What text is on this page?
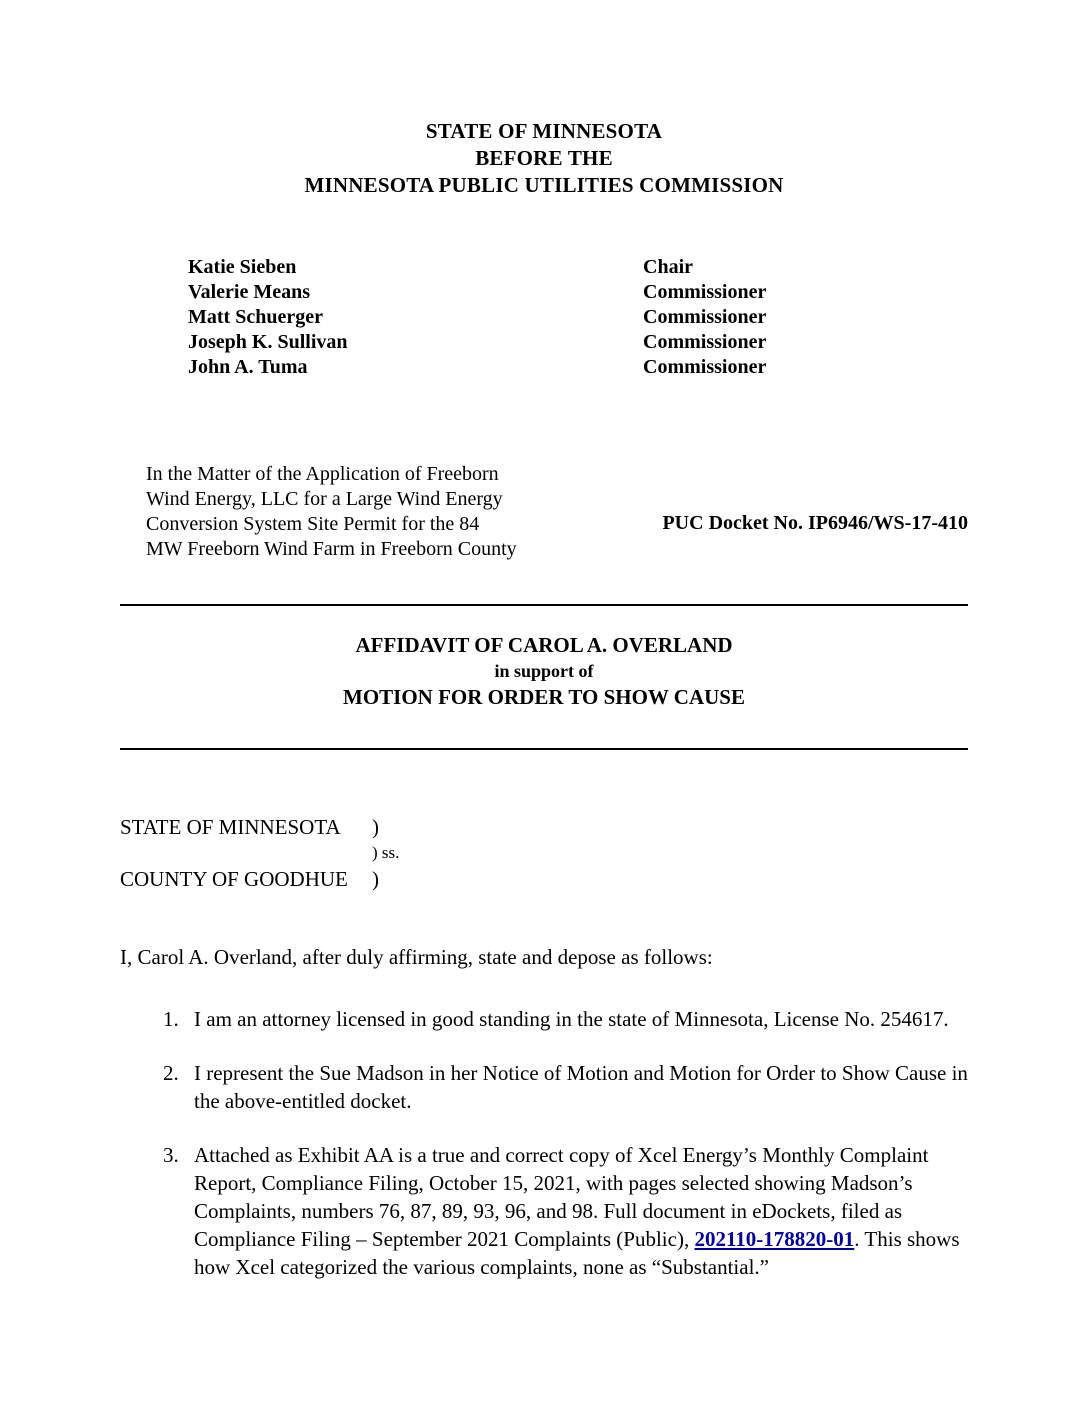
STATE OF MINNESOTA
BEFORE THE
MINNESOTA PUBLIC UTILITIES COMMISSION
Katie Sieben	Chair
Valerie Means	Commissioner
Matt Schuerger	Commissioner
Joseph K. Sullivan	Commissioner
John A. Tuma	Commissioner
In the Matter of the Application of Freeborn
Wind Energy, LLC for a Large Wind Energy
Conversion System Site Permit for the 84
MW Freeborn Wind Farm in Freeborn County
PUC Docket No. IP6946/WS-17-410
AFFIDAVIT OF CAROL A. OVERLAND
in support of
MOTION FOR ORDER TO SHOW CAUSE
STATE OF MINNESOTA	)
) ss.
COUNTY OF GOODHUE	)
I, Carol A. Overland, after duly affirming, state and depose as follows:
1. I am an attorney licensed in good standing in the state of Minnesota, License No. 254617.
2. I represent the Sue Madson in her Notice of Motion and Motion for Order to Show Cause in the above-entitled docket.
3. Attached as Exhibit AA is a true and correct copy of Xcel Energy’s Monthly Complaint Report, Compliance Filing, October 15, 2021, with pages selected showing Madson’s Complaints, numbers 76, 87, 89, 93, 96, and 98. Full document in eDockets, filed as Compliance Filing – September 2021 Complaints (Public), 202110-178820-01. This shows how Xcel categorized the various complaints, none as “Substantial.”
